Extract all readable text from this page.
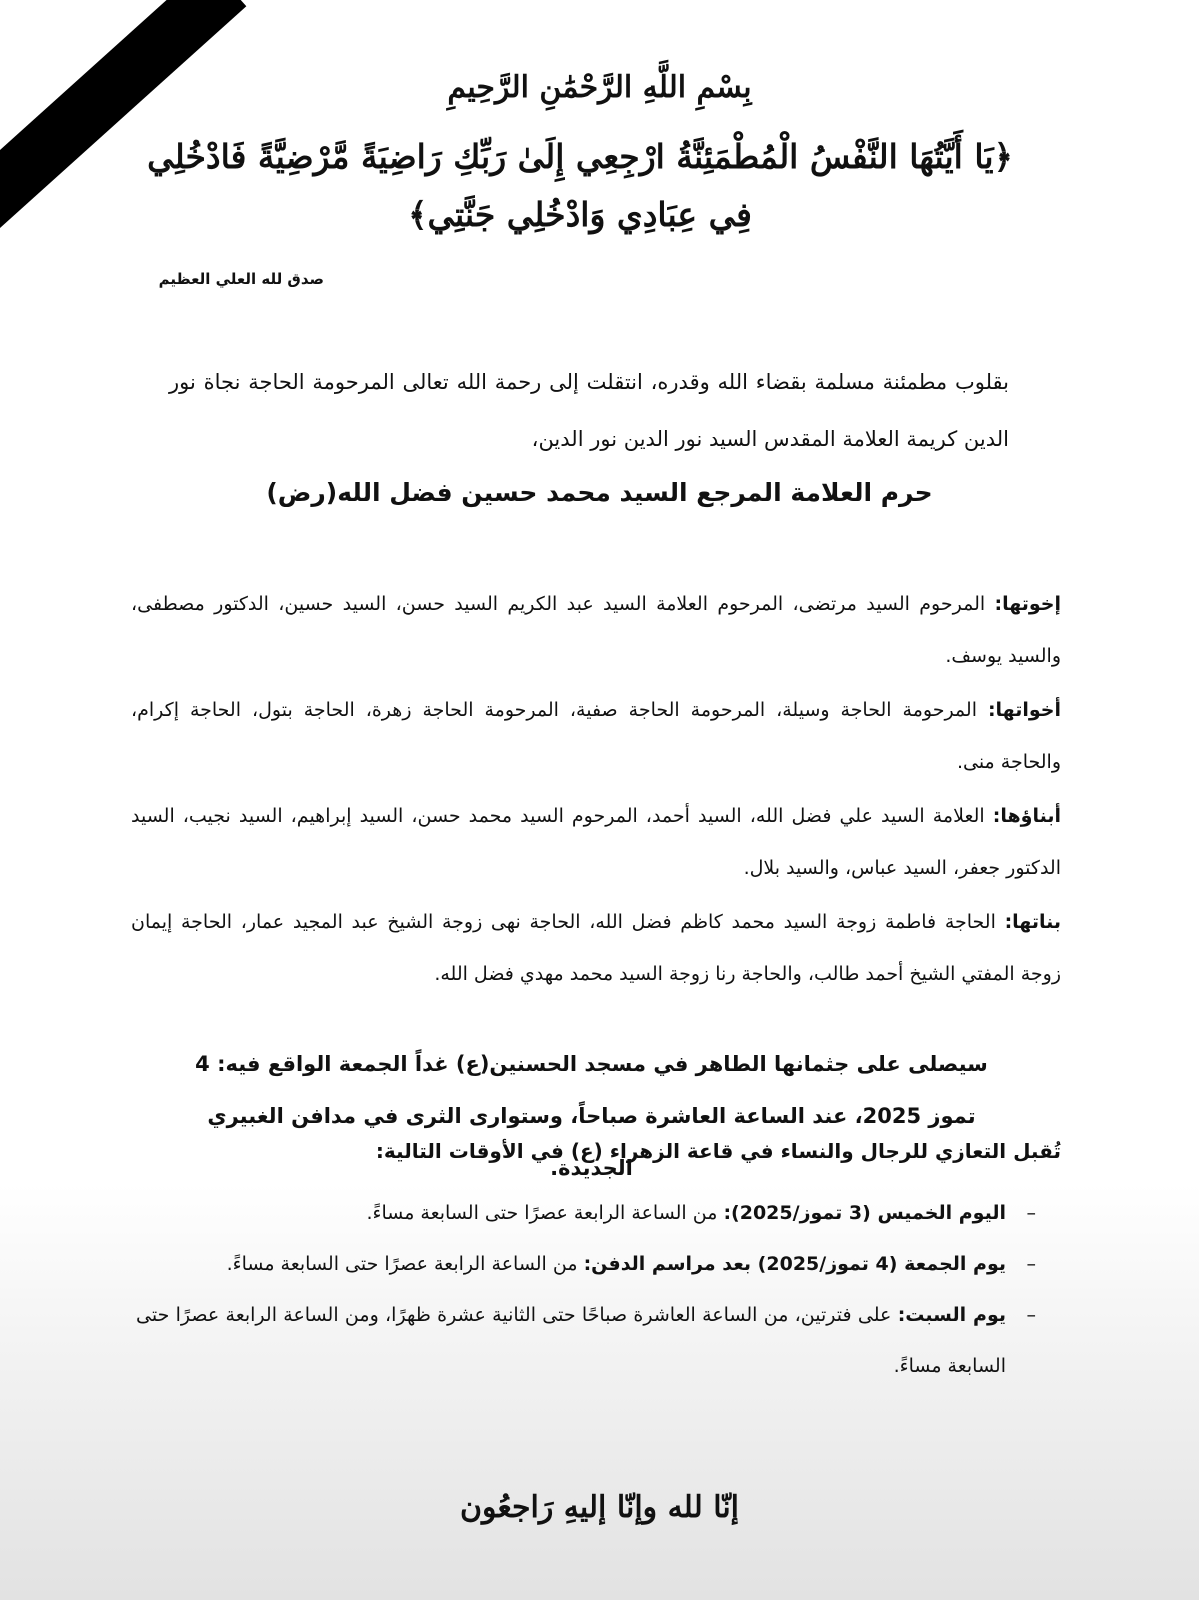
بِسْمِ اللَّهِ الرَّحْمَٰنِ الرَّحِيمِ
﴿يَا أَيَّتُهَا النَّفْسُ الْمُطْمَئِنَّةُ ارْجِعِي إِلَىٰ رَبِّكِ رَاضِيَةً مَّرْضِيَّةً فَادْخُلِي فِي عِبَادِي وَادْخُلِي جَنَّتِي﴾
صدق لله العلي العظيم
بقلوب مطمئنة مسلمة بقضاء الله وقدره، انتقلت إلى رحمة الله تعالى المرحومة الحاجة نجاة نور الدين كريمة العلامة المقدس السيد نور الدين نور الدين،
حرم العلامة المرجع السيد محمد حسين فضل الله(رض)

إخوتها: المرحوم السيد مرتضى، المرحوم العلامة السيد عبد الكريم السيد حسن، السيد حسين، الدكتور مصطفى، والسيد يوسف.

أخواتها: المرحومة الحاجة وسيلة، المرحومة الحاجة صفية، المرحومة الحاجة زهرة، الحاجة بتول، الحاجة إكرام، والحاجة منى.

أبناؤها: العلامة السيد علي فضل الله، السيد أحمد، المرحوم السيد محمد حسن، السيد إبراهيم، السيد نجيب، السيد الدكتور جعفر، السيد عباس، والسيد بلال.

بناتها: الحاجة فاطمة زوجة السيد محمد كاظم فضل الله، الحاجة نهى زوجة الشيخ عبد المجيد عمار، الحاجة إيمان زوجة المفتي الشيخ أحمد طالب، والحاجة رنا زوجة السيد محمد مهدي فضل الله.

سيصلى على جثمانها الطاهر في مسجد الحسنين(ع) غداً الجمعة الواقع فيه: 4 تموز 2025، عند الساعة العاشرة صباحاً، وستوارى الثرى في مدافن الغبيري الجديدة.
تُقبل التعازي للرجال والنساء في قاعة الزهراء (ع) في الأوقات التالية:
–
اليوم الخميس (3 تموز/2025): من الساعة الرابعة عصرًا حتى السابعة مساءً.
–
يوم الجمعة (4 تموز/2025) بعد مراسم الدفن: من الساعة الرابعة عصرًا حتى السابعة مساءً.
–
يوم السبت: على فترتين، من الساعة العاشرة صباحًا حتى الثانية عشرة ظهرًا، ومن الساعة الرابعة عصرًا حتى السابعة مساءً.
إنّا لله وإنّا إليهِ رَاجعُون
